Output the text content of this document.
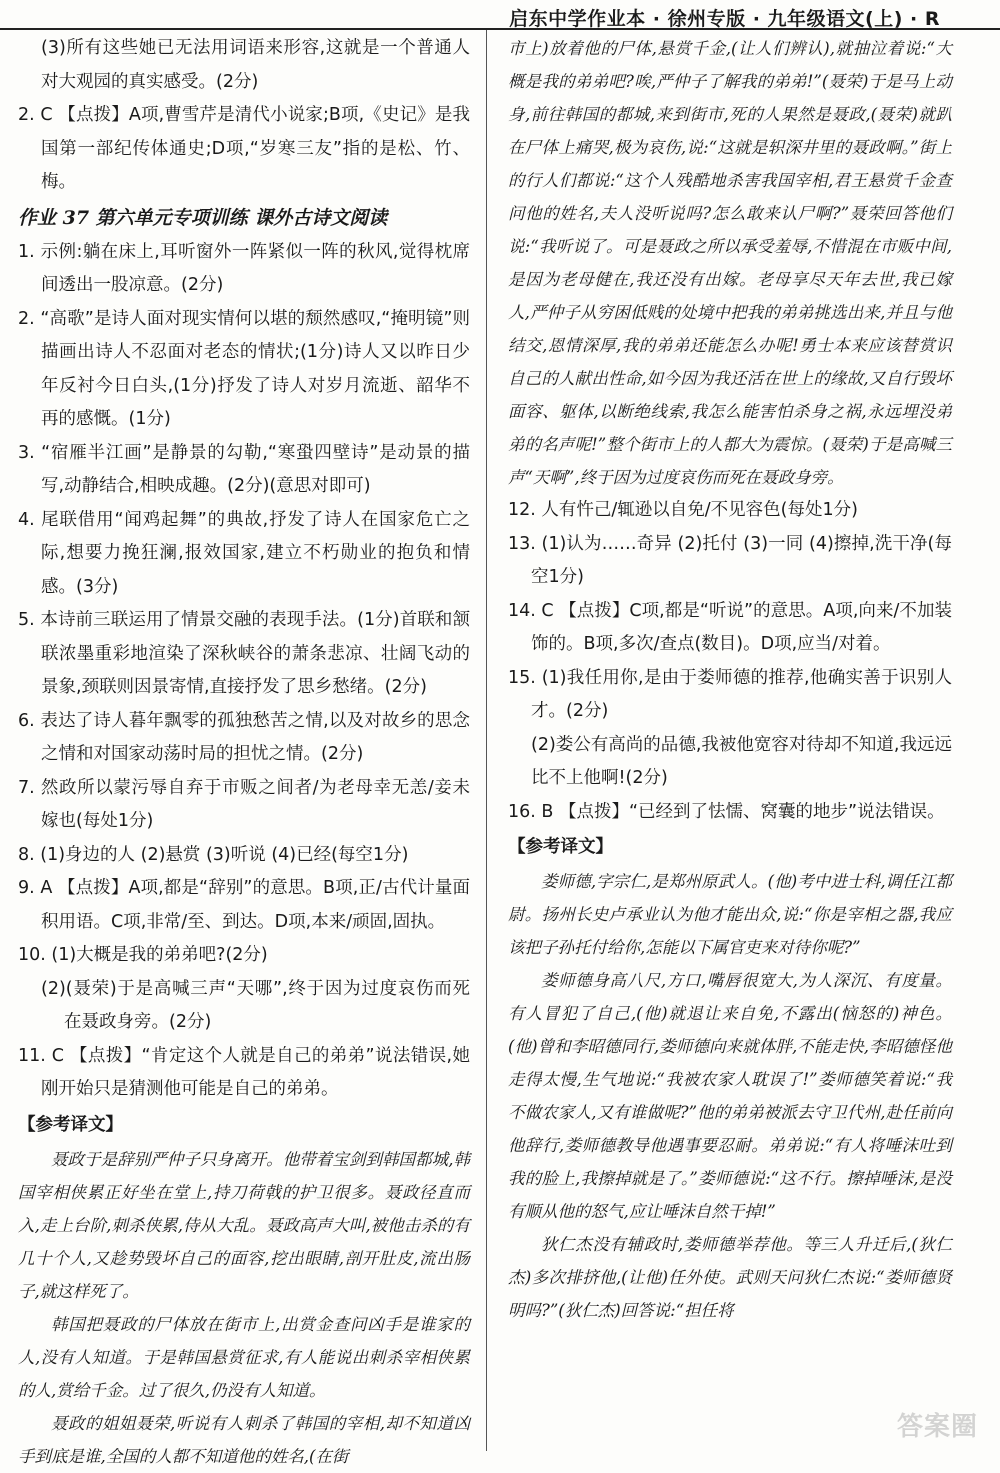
启东中学作业本 · 徐州专版 · 九年级语文(上) · R

(3)所有这些她已无法用词语来形容,这就是一个普通人对大观园的真实感受。(2分)

2. C 【点拨】A项,曹雪芹是清代小说家;B项,《史记》是我国第一部纪传体通史;D项,“岁寒三友”指的是松、竹、梅。

作业 37 第六单元专项训练 课外古诗文阅读

1. 示例:躺在床上,耳听窗外一阵紧似一阵的秋风,觉得枕席间透出一股凉意。(2分)

2. “高歌”是诗人面对现实情何以堪的颓然感叹,“掩明镜”则描画出诗人不忍面对老态的情状;(1分)诗人又以昨日少年反衬今日白头,(1分)抒发了诗人对岁月流逝、韶华不再的感慨。(1分)

3. “宿雁半江画”是静景的勾勒,“寒蛩四壁诗”是动景的描写,动静结合,相映成趣。(2分)(意思对即可)

4. 尾联借用“闻鸡起舞”的典故,抒发了诗人在国家危亡之际,想要力挽狂澜,报效国家,建立不朽勋业的抱负和情感。(3分)

5. 本诗前三联运用了情景交融的表现手法。(1分)首联和颔联浓墨重彩地渲染了深秋峡谷的萧条悲凉、壮阔飞动的景象,颈联则因景寄情,直接抒发了思乡愁绪。(2分)

6. 表达了诗人暮年飘零的孤独愁苦之情,以及对故乡的思念之情和对国家动荡时局的担忧之情。(2分)

7. 然政所以蒙污辱自弃于市贩之间者/为老母幸无恙/妾未嫁也(每处1分)

8. (1)身边的人 (2)悬赏 (3)听说 (4)已经(每空1分)

9. A 【点拨】A项,都是“辞别”的意思。B项,正/古代计量面积用语。C项,非常/至、到达。D项,本来/顽固,固执。

10. (1)大概是我的弟弟吧?(2分)

(2)(聂荣)于是高喊三声“天哪”,终于因为过度哀伤而死在聂政身旁。(2分)

11. C 【点拨】“肯定这个人就是自己的弟弟”说法错误,她刚开始只是猜测他可能是自己的弟弟。

【参考译文】

聂政于是辞别严仲子只身离开。他带着宝剑到韩国都城,韩国宰相侠累正好坐在堂上,持刀荷戟的护卫很多。聂政径直而入,走上台阶,刺杀侠累,侍从大乱。聂政高声大叫,被他击杀的有几十个人,又趁势毁坏自己的面容,挖出眼睛,剖开肚皮,流出肠子,就这样死了。

韩国把聂政的尸体放在街市上,出赏金查问凶手是谁家的人,没有人知道。于是韩国悬赏征求,有人能说出刺杀宰相侠累的人,赏给千金。过了很久,仍没有人知道。

聂政的姐姐聂荣,听说有人刺杀了韩国的宰相,却不知道凶手到底是谁,全国的人都不知道他的姓名,(在街

市上)放着他的尸体,悬赏千金,(让人们辨认),就抽泣着说:“大概是我的弟弟吧?唉,严仲子了解我的弟弟!”(聂荣)于是马上动身,前往韩国的都城,来到街市,死的人果然是聂政,(聂荣)就趴在尸体上痛哭,极为哀伤,说:“这就是轵深井里的聂政啊。”街上的行人们都说:“这个人残酷地杀害我国宰相,君王悬赏千金查问他的姓名,夫人没听说吗?怎么敢来认尸啊?”聂荣回答他们说:“我听说了。可是聂政之所以承受羞辱,不惜混在市贩中间,是因为老母健在,我还没有出嫁。老母享尽天年去世,我已嫁人,严仲子从穷困低贱的处境中把我的弟弟挑选出来,并且与他结交,恩情深厚,我的弟弟还能怎么办呢!勇士本来应该替赏识自己的人献出性命,如今因为我还活在世上的缘故,又自行毁坏面容、躯体,以断绝线索,我怎么能害怕杀身之祸,永远埋没弟弟的名声呢!”整个街市上的人都大为震惊。(聂荣)于是高喊三声“天啊”,终于因为过度哀伤而死在聂政身旁。

12. 人有忤己/辄逊以自免/不见容色(每处1分)

13. (1)认为……奇异 (2)托付 (3)一同 (4)擦掉,洗干净(每空1分)

14. C 【点拨】C项,都是“听说”的意思。A项,向来/不加装饰的。B项,多次/查点(数目)。D项,应当/对着。

15. (1)我任用你,是由于娄师德的推荐,他确实善于识别人才。(2分)

(2)娄公有高尚的品德,我被他宽容对待却不知道,我远远比不上他啊!(2分)

16. B 【点拨】“已经到了怯懦、窝囊的地步”说法错误。

【参考译文】

娄师德,字宗仁,是郑州原武人。(他)考中进士科,调任江都尉。扬州长史卢承业认为他才能出众,说:“你是宰相之器,我应该把子孙托付给你,怎能以下属官吏来对待你呢?”

娄师德身高八尺,方口,嘴唇很宽大,为人深沉、有度量。有人冒犯了自己,(他)就退让来自免,不露出(恼怒的)神色。(他)曾和李昭德同行,娄师德向来就体胖,不能走快,李昭德怪他走得太慢,生气地说:“我被农家人耽误了!”娄师德笑着说:“我不做农家人,又有谁做呢?”他的弟弟被派去守卫代州,赴任前向他辞行,娄师德教导他遇事要忍耐。弟弟说:“有人将唾沫吐到我的脸上,我擦掉就是了。”娄师德说:“这不行。擦掉唾沫,是没有顺从他的怒气,应让唾沫自然干掉!”

狄仁杰没有辅政时,娄师德举荐他。等三人升迁后,(狄仁杰)多次排挤他,(让他)任外使。武则天问狄仁杰说:“娄师德贤明吗?”(狄仁杰)回答说:“担任将

答案圈
